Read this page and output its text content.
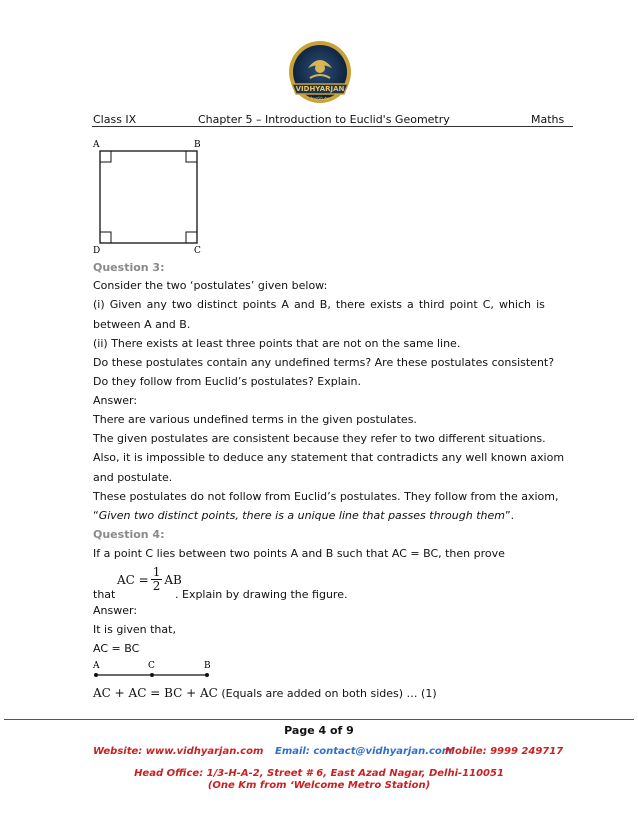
VIDHYARJAN
Institute
Class IX	Chapter 5 – Introduction to Euclid's Geometry	Maths
A	B
D	C
Question 3:
Consider the two ‘postulates’ given below:
(i) Given any two distinct points A and B, there exists a third point C, which is
between A and B.
(ii) There exists at least three points that are not on the same line.
Do these postulates contain any undefined terms? Are these postulates consistent?
Do they follow from Euclid’s postulates? Explain.
Answer:
There are various undefined terms in the given postulates.
The given postulates are consistent because they refer to two different situations.
Also, it is impossible to deduce any statement that contradicts any well known axiom
and postulate.
These postulates do not follow from Euclid’s postulates. They follow from the axiom,
“Given two distinct points, there is a unique line that passes through them”.
Question 4:
If a point C lies between two points A and B such that AC = BC, then prove
that
AC = $\frac{1}{2}$ AB
. Explain by drawing the figure.
Answer:
It is given that,
AC = BC
A	C	B
AC + AC = BC + AC (Equals are added on both sides) … (1)
Page 4 of 9
Website: www.vidhyarjan.com Email: contact@vidhyarjan.com
Mobile: 9999 249717
Head Office: 1/3-H-A-2, Street # 6, East Azad Nagar, Delhi-110051
(One Km from ‘Welcome Metro Station)
